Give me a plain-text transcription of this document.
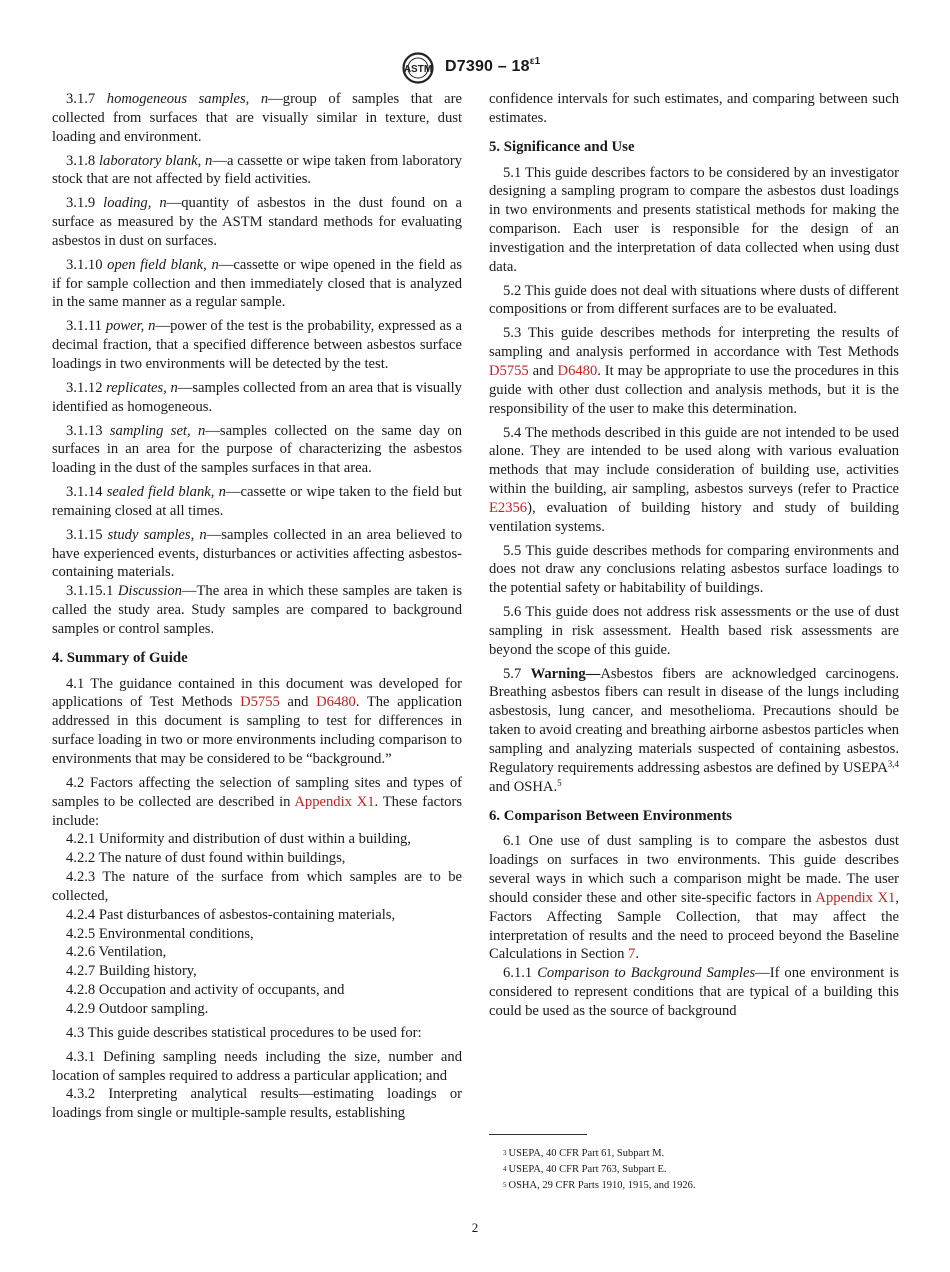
ASTM $D7390 - 18^{\varepsilon 1}$

3.1.7 homogeneous samples, n—group of samples that are collected from surfaces that are visually similar in texture, dust loading and environment.

3.1.8 laboratory blank, n—a cassette or wipe taken from laboratory stock that are not affected by field activities.

3.1.9 loading, n—quantity of asbestos in the dust found on a surface as measured by the ASTM standard methods for evaluating asbestos in dust on surfaces.

3.1.10 open field blank, n—cassette or wipe opened in the field as if for sample collection and then immediately closed that is analyzed in the same manner as a regular sample.

3.1.11 power, n—power of the test is the probability, expressed as a decimal fraction, that a specified difference between asbestos surface loadings in two environments will be detected by the test.

3.1.12 replicates, n—samples collected from an area that is visually identified as homogeneous.

3.1.13 sampling set, n—samples collected on the same day on surfaces in an area for the purpose of characterizing the asbestos loading in the dust of the samples surfaces in that area.

3.1.14 sealed field blank, n—cassette or wipe taken to the field but remaining closed at all times.

3.1.15 study samples, n—samples collected in an area believed to have experienced events, disturbances or activities affecting asbestos-containing materials.

3.1.15.1 Discussion—The area in which these samples are taken is called the study area. Study samples are compared to background samples or control samples.

4. Summary of Guide

4.1 The guidance contained in this document was developed for applications of Test Methods D5755 and D6480. The application addressed in this document is sampling to test for differences in surface loading in two or more environments including comparison to environments that may be considered to be “background.”

4.2 Factors affecting the selection of sampling sites and types of samples to be collected are described in Appendix X1. These factors include:

4.2.1 Uniformity and distribution of dust within a building,

4.2.2 The nature of dust found within buildings,

4.2.3 The nature of the surface from which samples are to be collected,

4.2.4 Past disturbances of asbestos-containing materials,

4.2.5 Environmental conditions,

4.2.6 Ventilation,

4.2.7 Building history,

4.2.8 Occupation and activity of occupants, and

4.2.9 Outdoor sampling.

4.3 This guide describes statistical procedures to be used for:

4.3.1 Defining sampling needs including the size, number and location of samples required to address a particular application; and

4.3.2 Interpreting analytical results—estimating loadings or loadings from single or multiple-sample results, establishing

confidence intervals for such estimates, and comparing between such estimates.

5. Significance and Use

5.1 This guide describes factors to be considered by an investigator designing a sampling program to compare the asbestos dust loadings in two environments and presents statistical methods for making the comparison. Each user is responsible for the design of an investigation and the interpretation of data collected when using dust data.

5.2 This guide does not deal with situations where dusts of different compositions or from different surfaces are to be evaluated.

5.3 This guide describes methods for interpreting the results of sampling and analysis performed in accordance with Test Methods D5755 and D6480. It may be appropriate to use the procedures in this guide with other dust collection and analysis methods, but it is the responsibility of the user to make this determination.

5.4 The methods described in this guide are not intended to be used alone. They are intended to be used along with various evaluation methods that may include consideration of building use, activities within the building, air sampling, asbestos surveys (refer to Practice E2356), evaluation of building history and study of building ventilation systems.

5.5 This guide describes methods for comparing environments and does not draw any conclusions relating asbestos surface loadings to the potential safety or habitability of buildings.

5.6 This guide does not address risk assessments or the use of dust sampling in risk assessment. Health based risk assessments are beyond the scope of this guide.

5.7 Warning—Asbestos fibers are acknowledged carcinogens. Breathing asbestos fibers can result in disease of the lungs including asbestosis, lung cancer, and mesothelioma. Precautions should be taken to avoid creating and breathing airborne asbestos particles when sampling and analyzing materials suspected of containing asbestos. Regulatory requirements addressing asbestos are defined by USEPA$^{3,4}$ and OSHA.$^5$

6. Comparison Between Environments

6.1 One use of dust sampling is to compare the asbestos dust loadings on surfaces in two environments. This guide describes several ways in which such a comparison might be made. The user should consider these and other site-specific factors in Appendix X1, Factors Affecting Sample Collection, that may affect the interpretation of results and the need to proceed beyond the Baseline Calculations in Section 7.

6.1.1 Comparison to Background Samples—If one environment is considered to represent conditions that are typical of a building this could be used as the source of background

$^3$ USEPA, 40 CFR Part 61, Subpart M.
$^4$ USEPA, 40 CFR Part 763, Subpart E.
$^5$ OSHA, 29 CFR Parts 1910, 1915, and 1926.
2
